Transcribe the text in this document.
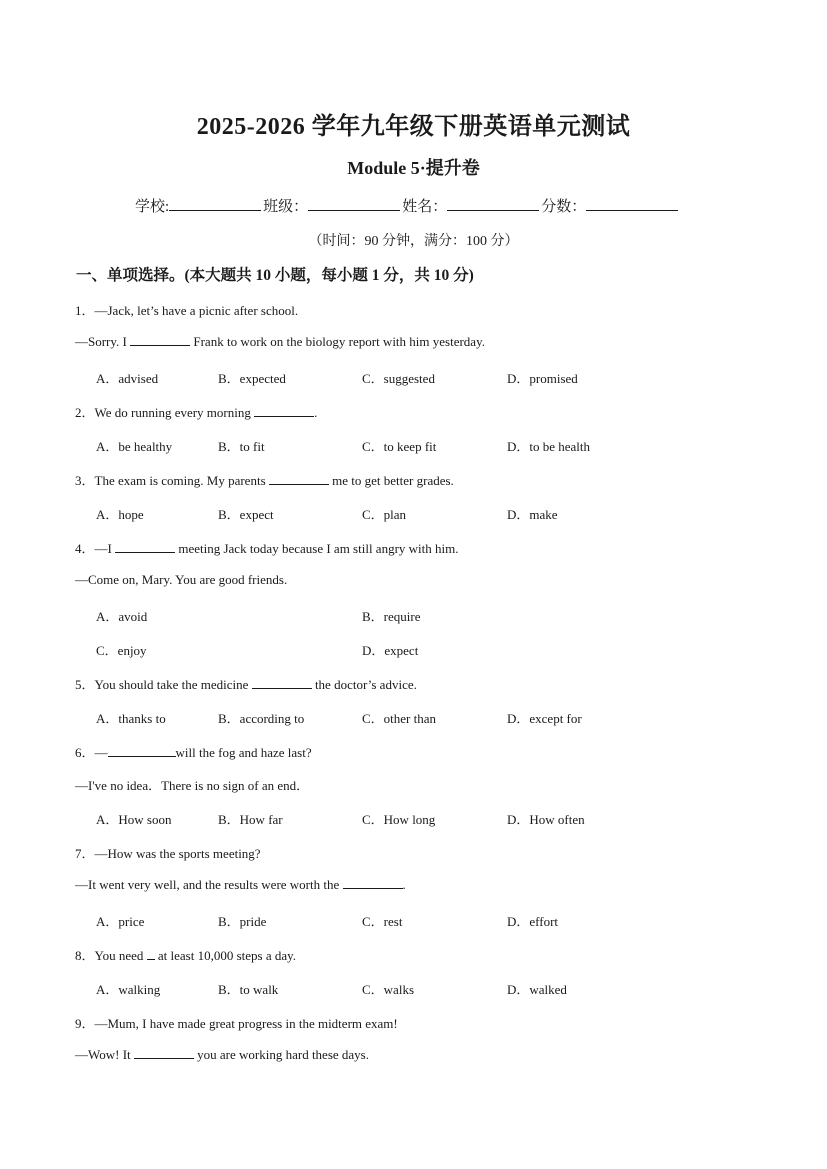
2025-2026 学年九年级下册英语单元测试
Module 5·提升卷
学校:	班级：	姓名：	分数：
（时间：90 分钟，满分：100 分）
一、单项选择。(本大题共 10 小题，每小题 1 分，共 10 分)
1．—Jack, let’s have a picnic after school.
—Sorry. I	Frank to work on the biology report with him yesterday.
A．advised	B．expected	C．suggested	D．promised
2．We do running every morning	.
A．be healthy	B．to fit	C．to keep fit	D．to be health
3．The exam is coming. My parents	me to get better grades.
A．hope	B．expect	C．plan	D．make
4．—I	meeting Jack today because I am still angry with him.
—Come on, Mary. You are good friends.
A．avoid	B．require
C．enjoy	D．expect
5．You should take the medicine	the doctor’s advice.
A．thanks to	B．according to	C．other than	D．except for
6．—	will the fog and haze last?
—I've no idea．There is no sign of an end．
A．How soon	B．How far	C．How long	D．How often
7．—How was the sports meeting?
—It went very well, and the results were worth the	.
A．price	B．pride	C．rest	D．effort
8．You need  at least 10,000 steps a day.
A．walking	B．to walk	C．walks	D．walked
9．—Mum, I have made great progress in the midterm exam!
—Wow! It	you are working hard these days.
